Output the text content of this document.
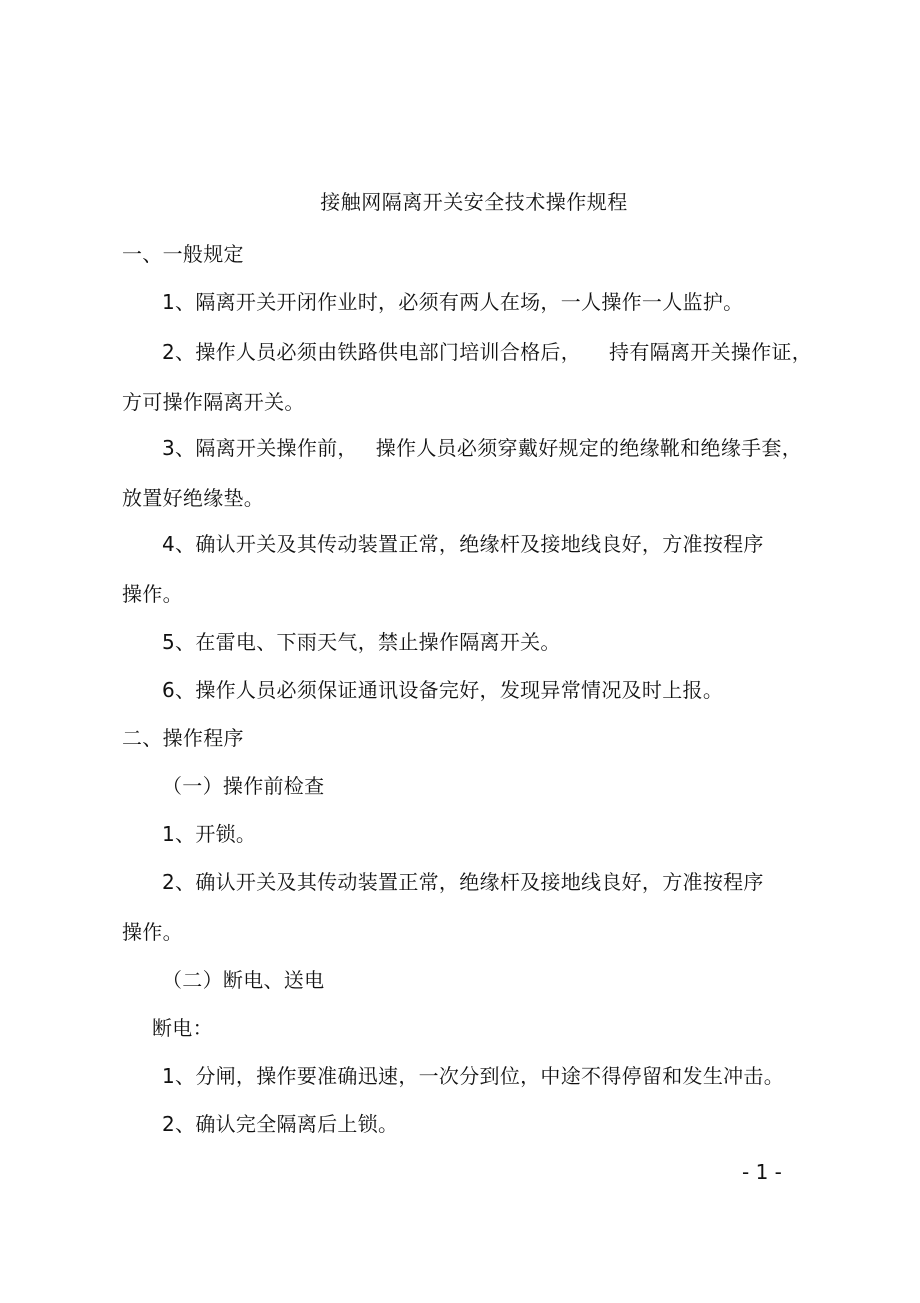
接触网隔离开关安全技术操作规程
一、一般规定
1、隔离开关开闭作业时，必须有两人在场，一人操作一人监护。
2、操作人员必须由铁路供电部门培训合格后， 持有隔离开关操作证，
方可操作隔离开关。
3、隔离开关操作前， 操作人员必须穿戴好规定的绝缘靴和绝缘手套，
放置好绝缘垫。
4、确认开关及其传动装置正常，绝缘杆及接地线良好，方准按程序
操作。
5、在雷电、下雨天气，禁止操作隔离开关。
6、操作人员必须保证通讯设备完好，发现异常情况及时上报。
二、操作程序
（一）操作前检查
1、开锁。
2、确认开关及其传动装置正常，绝缘杆及接地线良好，方准按程序
操作。
（二）断电、送电
断电：
1、分闸，操作要准确迅速，一次分到位，中途不得停留和发生冲击。
2、确认完全隔离后上锁。
- 1 -
